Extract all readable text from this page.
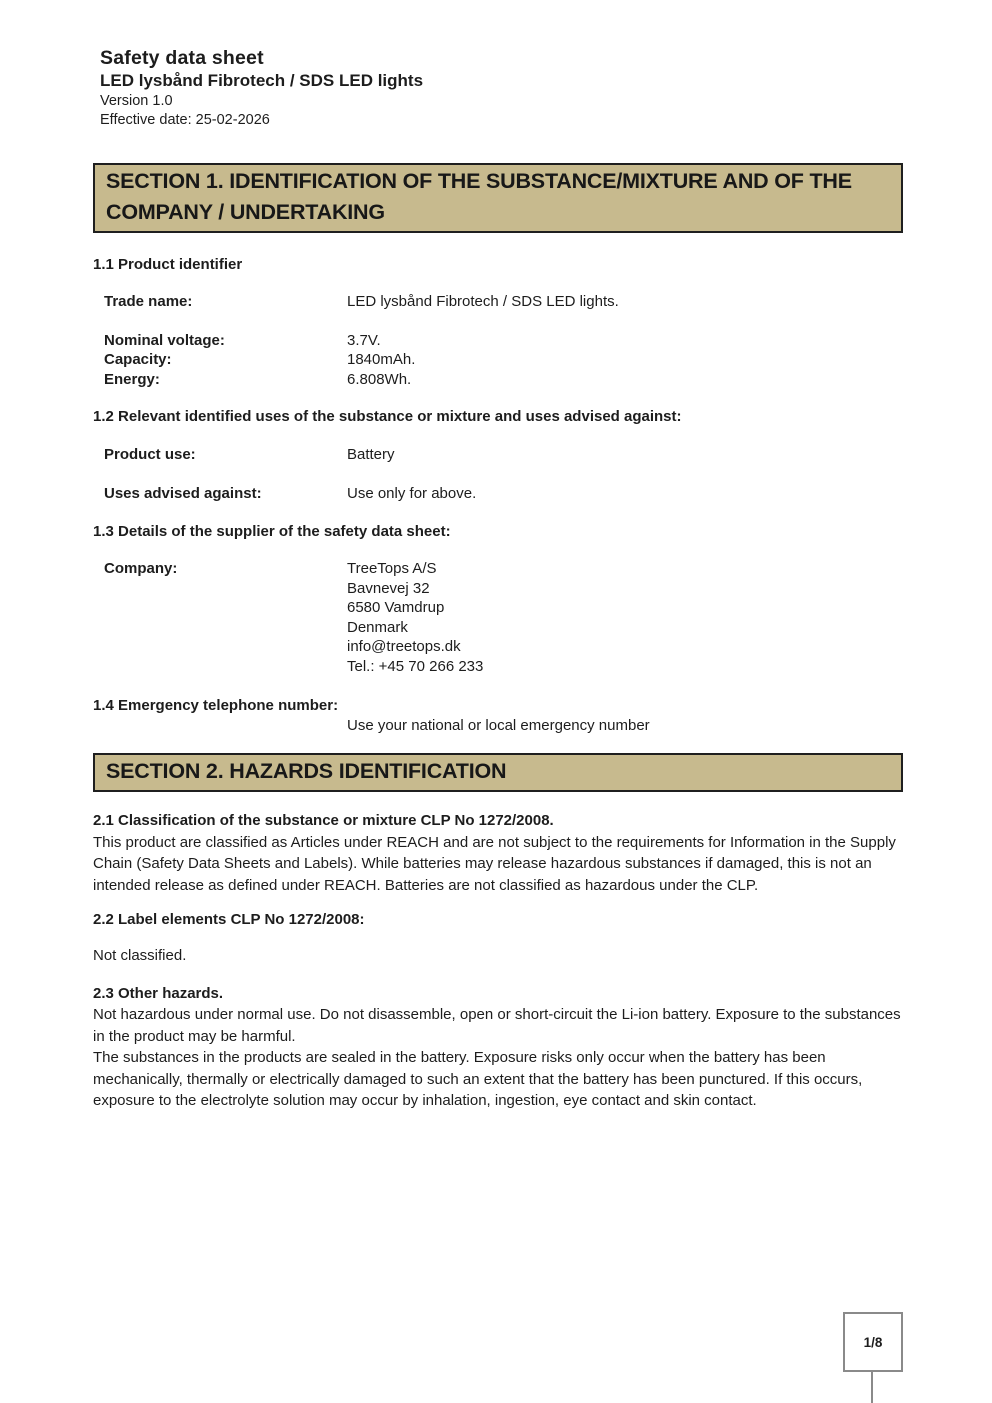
Safety data sheet
LED lysbånd Fibrotech / SDS LED lights
Version 1.0
Effective date: 25-02-2026
SECTION 1. IDENTIFICATION OF THE SUBSTANCE/MIXTURE AND OF THE COMPANY / UNDERTAKING
1.1 Product identifier
Trade name:	LED lysbånd Fibrotech / SDS LED lights.
Nominal voltage:	3.7V.
Capacity:	1840mAh.
Energy:	6.808Wh.
1.2 Relevant identified uses of the substance or mixture and uses advised against:
Product use:	Battery
Uses advised against:	Use only for above.
1.3 Details of the supplier of the safety data sheet:
Company:	TreeTops A/S
Bavnevej 32
6580 Vamdrup
Denmark
info@treetops.dk
Tel.: +45 70 266 233
1.4 Emergency telephone number:
Use your national or local emergency number
SECTION 2. HAZARDS IDENTIFICATION
2.1 Classification of the substance or mixture CLP No 1272/2008.
This product are classified as Articles under REACH and are not subject to the requirements for Information in the Supply Chain (Safety Data Sheets and Labels). While batteries may release hazardous substances if damaged, this is not an intended release as defined under REACH. Batteries are not classified as hazardous under the CLP.
2.2 Label elements CLP No 1272/2008:
Not classified.
2.3 Other hazards.
Not hazardous under normal use. Do not disassemble, open or short-circuit the Li-ion battery. Exposure to the substances in the product may be harmful.
The substances in the products are sealed in the battery. Exposure risks only occur when the battery has been mechanically, thermally or electrically damaged to such an extent that the battery has been punctured. If this occurs, exposure to the electrolyte solution may occur by inhalation, ingestion, eye contact and skin contact.
1/8
